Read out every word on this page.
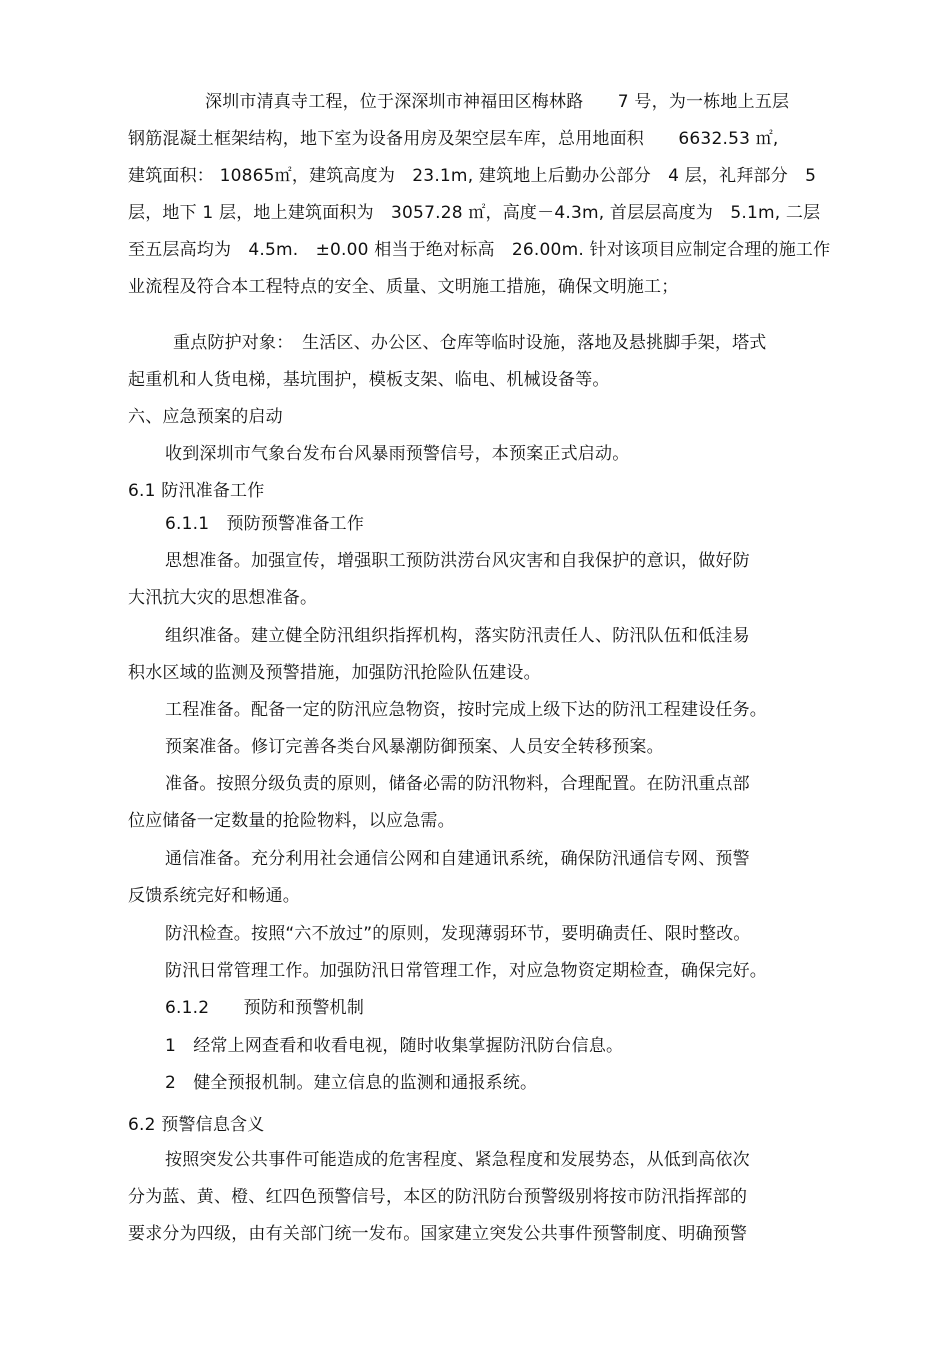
深圳市清真寺工程，位于深深圳市神福田区梅林路　　7 号，为一栋地上五层
钢筋混凝土框架结构，地下室为设备用房及架空层车库，总用地面积　　6632.53 ㎡,
建筑面积： 10865㎡，建筑高度为　23.1m, 建筑地上后勤办公部分　4 层，礼拜部分　5
层，地下 1 层，地上建筑面积为　3057.28 ㎡，高度－4.3m, 首层层高度为　5.1m, 二层
至五层高均为　4.5m.　±0.00 相当于绝对标高　26.00m. 针对该项目应制定合理的施工作
业流程及符合本工程特点的安全、质量、文明施工措施，确保文明施工；
重点防护对象：　生活区、办公区、仓库等临时设施，落地及悬挑脚手架，塔式
起重机和人货电梯，基坑围护，模板支架、临电、机械设备等。
六、应急预案的启动
收到深圳市气象台发布台风暴雨预警信号，本预案正式启动。
6.1 防汛准备工作
6.1.1　预防预警准备工作
思想准备。加强宣传，增强职工预防洪涝台风灾害和自我保护的意识，做好防
大汛抗大灾的思想准备。
组织准备。建立健全防汛组织指挥机构，落实防汛责任人、防汛队伍和低洼易
积水区域的监测及预警措施，加强防汛抢险队伍建设。
工程准备。配备一定的防汛应急物资，按时完成上级下达的防汛工程建设任务。
预案准备。修订完善各类台风暴潮防御预案、人员安全转移预案。
准备。按照分级负责的原则，储备必需的防汛物料，合理配置。在防汛重点部
位应储备一定数量的抢险物料，以应急需。
通信准备。充分利用社会通信公网和自建通讯系统，确保防汛通信专网、预警
反馈系统完好和畅通。
防汛检查。按照“六不放过”的原则，发现薄弱环节，要明确责任、限时整改。
防汛日常管理工作。加强防汛日常管理工作，对应急物资定期检查，确保完好。
6.1.2　　预防和预警机制
1　经常上网查看和收看电视，随时收集掌握防汛防台信息。
2　健全预报机制。建立信息的监测和通报系统。
6.2 预警信息含义
按照突发公共事件可能造成的危害程度、紧急程度和发展势态，从低到高依次
分为蓝、黄、橙、红四色预警信号，本区的防汛防台预警级别将按市防汛指挥部的
要求分为四级，由有关部门统一发布。国家建立突发公共事件预警制度、明确预警
